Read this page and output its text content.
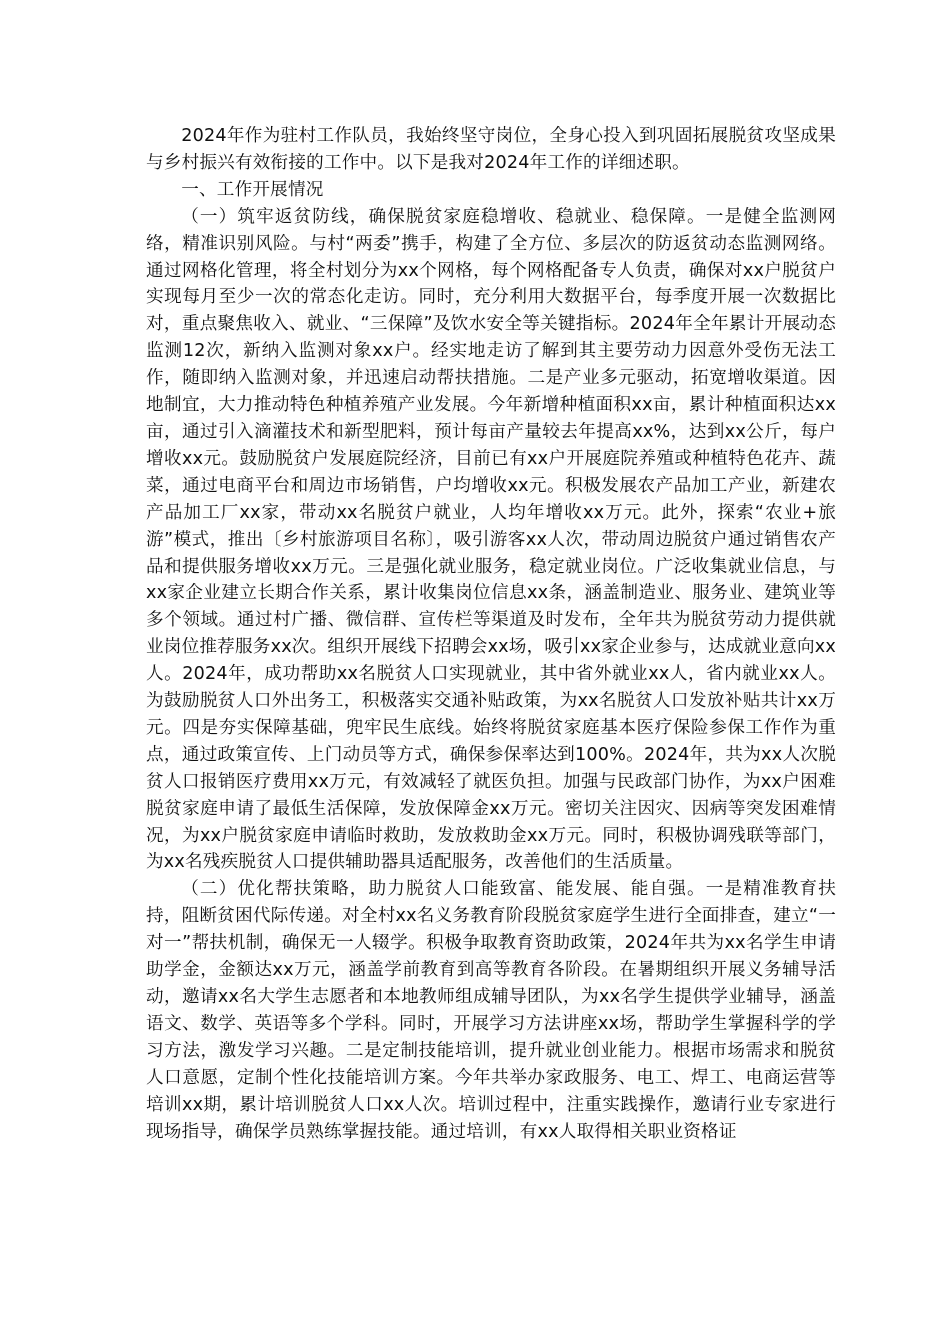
2024年作为驻村工作队员，我始终坚守岗位，全身心投入到巩固拓展脱贫攻坚成果与乡村振兴有效衔接的工作中。以下是我对2024年工作的详细述职。

一、工作开展情况

（一）筑牢返贫防线，确保脱贫家庭稳增收、稳就业、稳保障。一是健全监测网络，精准识别风险。与村“两委”携手，构建了全方位、多层次的防返贫动态监测网络。通过网格化管理，将全村划分为xx个网格，每个网格配备专人负责，确保对xx户脱贫户实现每月至少一次的常态化走访。同时，充分利用大数据平台，每季度开展一次数据比对，重点聚焦收入、就业、“三保障”及饮水安全等关键指标。2024年全年累计开展动态监测12次，新纳入监测对象xx户。经实地走访了解到其主要劳动力因意外受伤无法工作，随即纳入监测对象，并迅速启动帮扶措施。二是产业多元驱动，拓宽增收渠道。因地制宜，大力推动特色种植养殖产业发展。今年新增种植面积xx亩，累计种植面积达xx亩，通过引入滴灌技术和新型肥料，预计每亩产量较去年提高xx%，达到xx公斤，每户增收xx元。鼓励脱贫户发展庭院经济，目前已有xx户开展庭院养殖或种植特色花卉、蔬菜，通过电商平台和周边市场销售，户均增收xx元。积极发展农产品加工产业，新建农产品加工厂xx家，带动xx名脱贫户就业，人均年增收xx万元。此外，探索“农业+旅游”模式，推出〔乡村旅游项目名称〕，吸引游客xx人次，带动周边脱贫户通过销售农产品和提供服务增收xx万元。三是强化就业服务，稳定就业岗位。广泛收集就业信息，与xx家企业建立长期合作关系，累计收集岗位信息xx条，涵盖制造业、服务业、建筑业等多个领域。通过村广播、微信群、宣传栏等渠道及时发布，全年共为脱贫劳动力提供就业岗位推荐服务xx次。组织开展线下招聘会xx场，吸引xx家企业参与，达成就业意向xx人。2024年，成功帮助xx名脱贫人口实现就业，其中省外就业xx人，省内就业xx人。为鼓励脱贫人口外出务工，积极落实交通补贴政策，为xx名脱贫人口发放补贴共计xx万元。四是夯实保障基础，兜牢民生底线。始终将脱贫家庭基本医疗保险参保工作作为重点，通过政策宣传、上门动员等方式，确保参保率达到100%。2024年，共为xx人次脱贫人口报销医疗费用xx万元，有效减轻了就医负担。加强与民政部门协作，为xx户困难脱贫家庭申请了最低生活保障，发放保障金xx万元。密切关注因灾、因病等突发困难情况，为xx户脱贫家庭申请临时救助，发放救助金xx万元。同时，积极协调残联等部门，为xx名残疾脱贫人口提供辅助器具适配服务，改善他们的生活质量。

（二）优化帮扶策略，助力脱贫人口能致富、能发展、能自强。一是精准教育扶持，阻断贫困代际传递。对全村xx名义务教育阶段脱贫家庭学生进行全面排查，建立“一对一”帮扶机制，确保无一人辍学。积极争取教育资助政策，2024年共为xx名学生申请助学金，金额达xx万元，涵盖学前教育到高等教育各阶段。在暑期组织开展义务辅导活动，邀请xx名大学生志愿者和本地教师组成辅导团队，为xx名学生提供学业辅导，涵盖语文、数学、英语等多个学科。同时，开展学习方法讲座xx场，帮助学生掌握科学的学习方法，激发学习兴趣。二是定制技能培训，提升就业创业能力。根据市场需求和脱贫人口意愿，定制个性化技能培训方案。今年共举办家政服务、电工、焊工、电商运营等培训xx期，累计培训脱贫人口xx人次。培训过程中，注重实践操作，邀请行业专家进行现场指导，确保学员熟练掌握技能。通过培训，有xx人取得相关职业资格证
